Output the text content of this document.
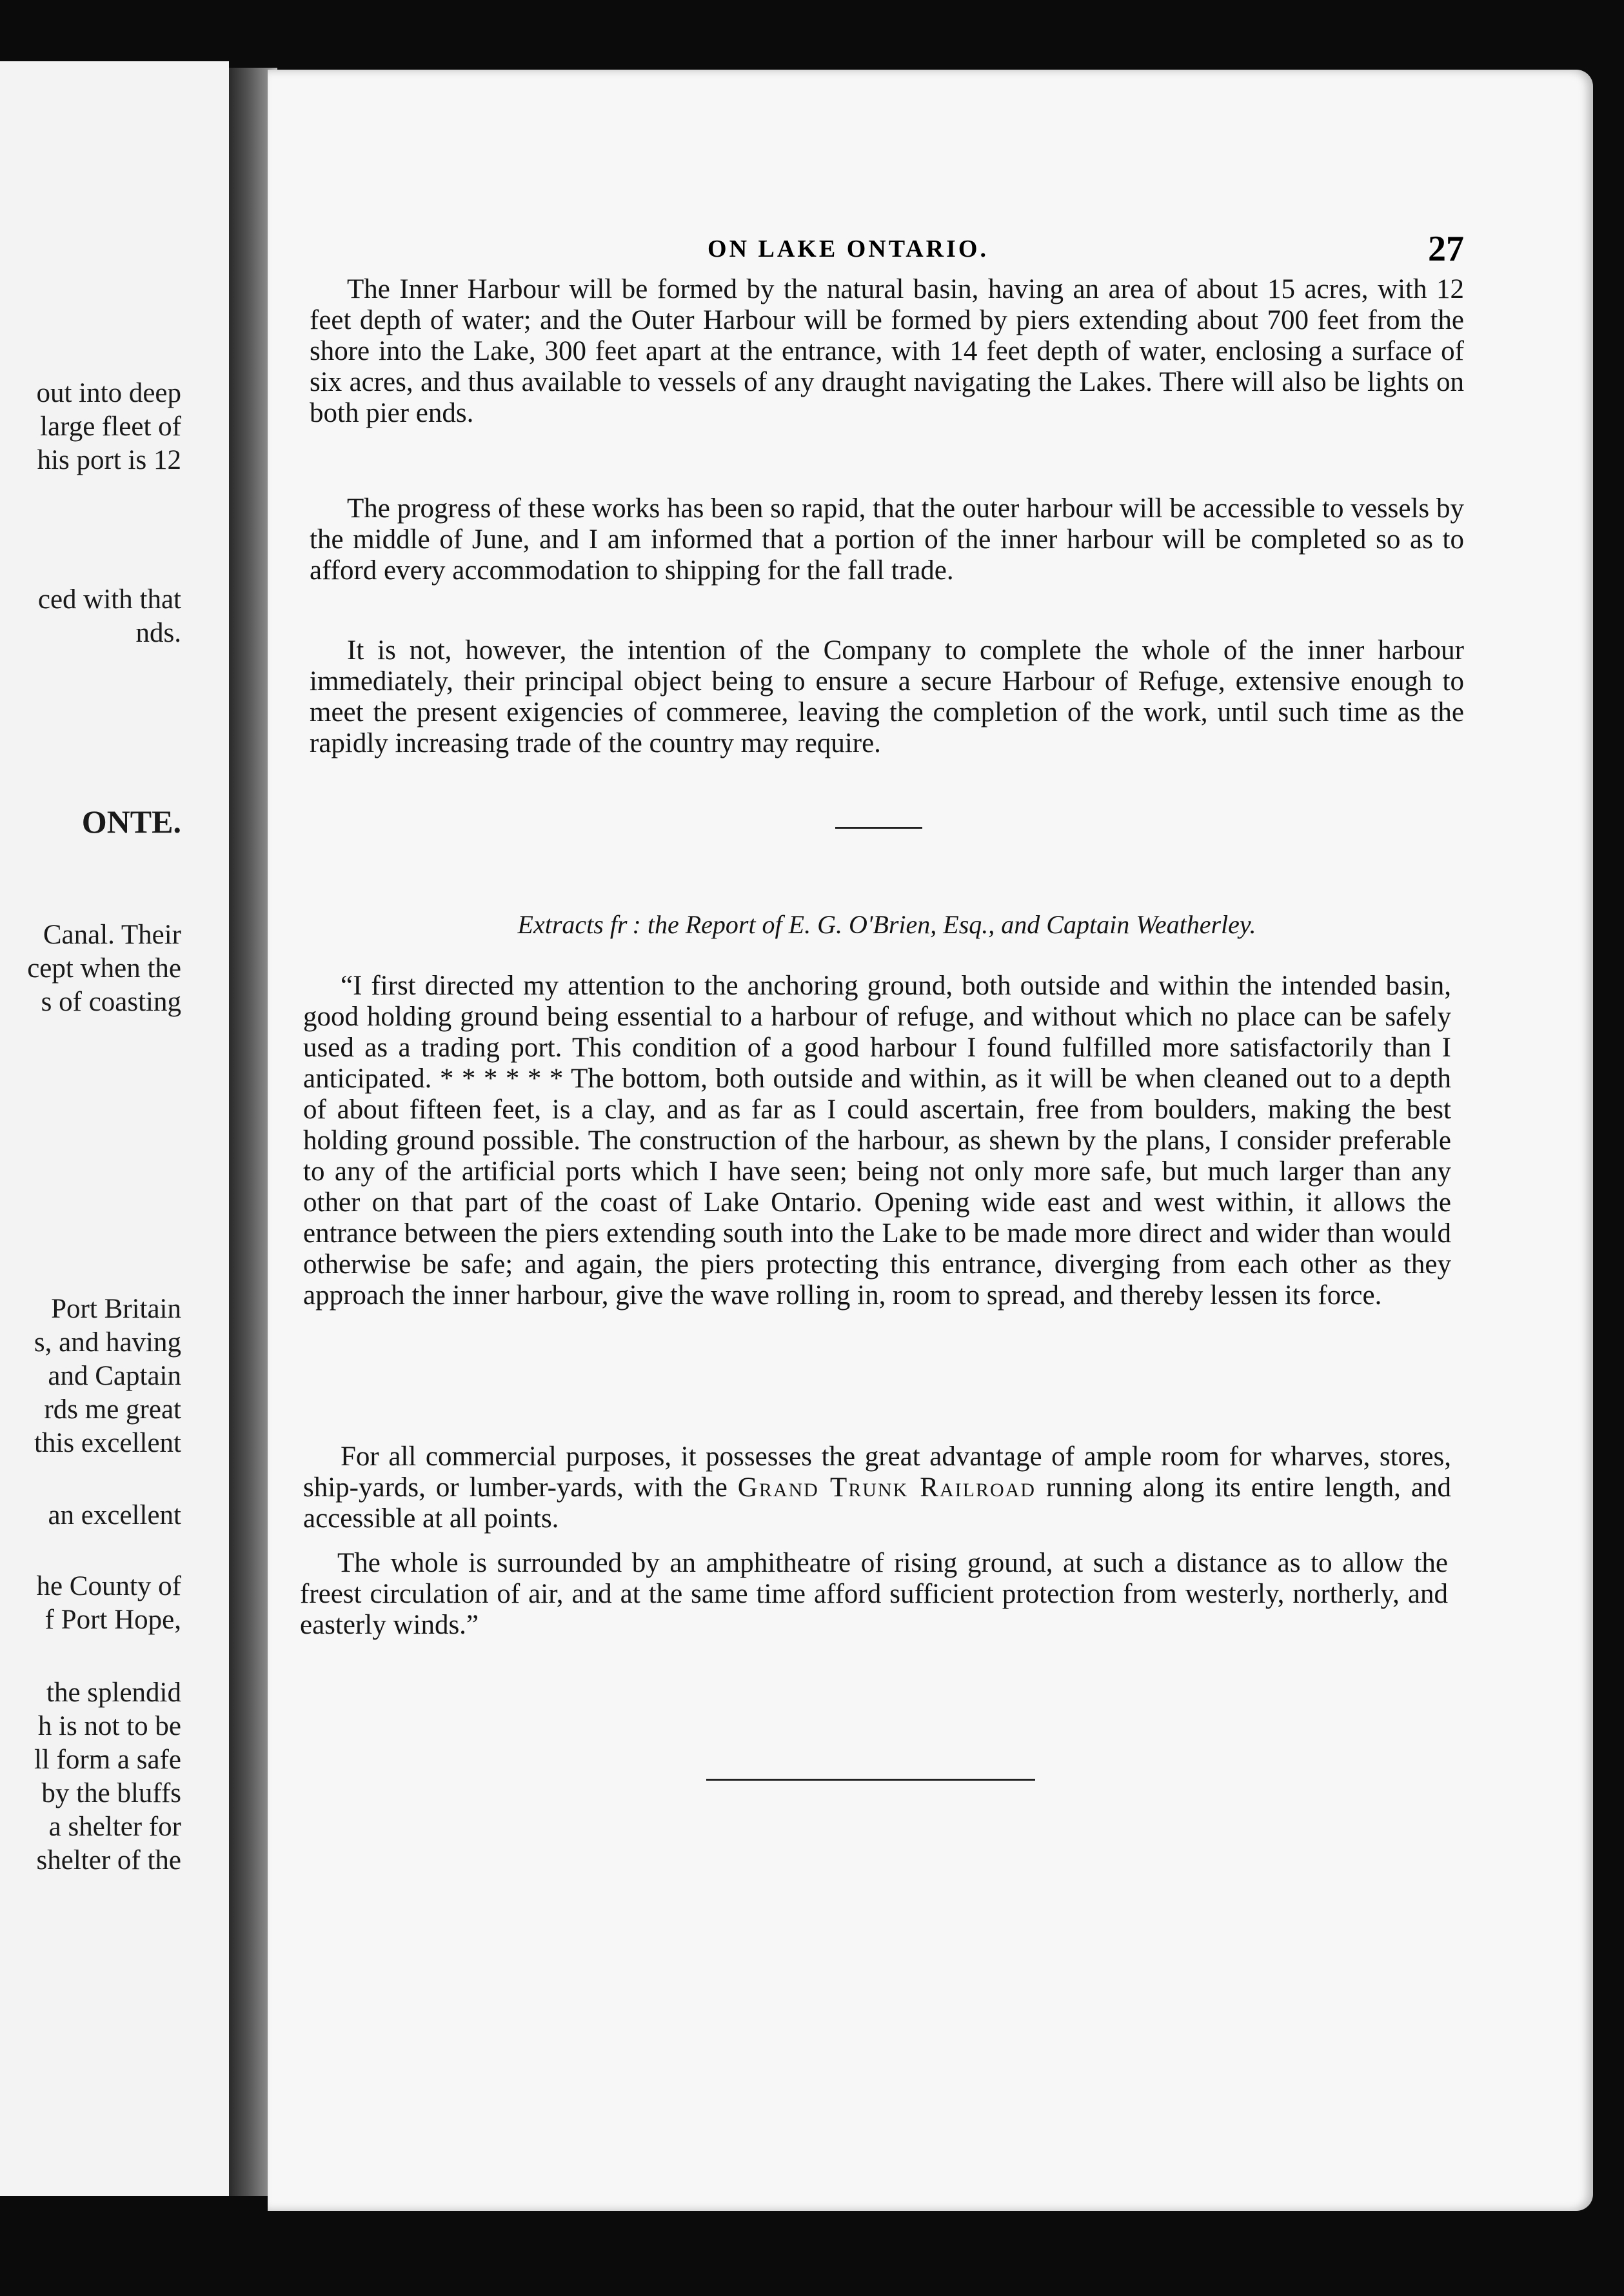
out into deep
large fleet of
his port is 12
ced with that
nds.
ONTE.
Canal. Their
cept when the
s of coasting
Port Britain
s, and having
and Captain
rds me great
this excellent
an excellent
he County of
f Port Hope,
the splendid
h is not to be
ll form a safe
by the bluffs
a shelter for
shelter of the
ON LAKE ONTARIO.	27

The Inner Harbour will be formed by the natural basin, having an area of about 15 acres, with 12 feet depth of water; and the Outer Harbour will be formed by piers extending about 700 feet from the shore into the Lake, 300 feet apart at the entrance, with 14 feet depth of water, enclosing a surface of six acres, and thus available to vessels of any draught navigating the Lakes. There will also be lights on both pier ends.

The progress of these works has been so rapid, that the outer harbour will be accessible to vessels by the middle of June, and I am informed that a portion of the inner harbour will be completed so as to afford every accommodation to shipping for the fall trade.

It is not, however, the intention of the Company to complete the whole of the inner harbour immediately, their principal object being to ensure a secure Harbour of Refuge, extensive enough to meet the present exigencies of commeree, leaving the completion of the work, until such time as the rapidly increasing trade of the country may require.

Extracts fr : the Report of E. G. O'Brien, Esq., and Captain Weatherley.

“I first directed my attention to the anchoring ground, both outside and within the intended basin, good holding ground being essential to a harbour of refuge, and without which no place can be safely used as a trading port. This condition of a good harbour I found fulfilled more satisfactorily than I anticipated. * * * * * * The bottom, both outside and within, as it will be when cleaned out to a depth of about fifteen feet, is a clay, and as far as I could ascertain, free from boulders, making the best holding ground possible. The construction of the harbour, as shewn by the plans, I consider preferable to any of the artificial ports which I have seen; being not only more safe, but much larger than any other on that part of the coast of Lake Ontario. Opening wide east and west within, it allows the entrance between the piers extending south into the Lake to be made more direct and wider than would otherwise be safe; and again, the piers protecting this entrance, diverging from each other as they approach the inner harbour, give the wave rolling in, room to spread, and thereby lessen its force.

For all commercial purposes, it possesses the great advantage of ample room for wharves, stores, ship-yards, or lumber-yards, with the Grand Trunk Railroad running along its entire length, and accessible at all points.

The whole is surrounded by an amphitheatre of rising ground, at such a distance as to allow the freest circulation of air, and at the same time afford sufficient protection from westerly, northerly, and easterly winds.”
